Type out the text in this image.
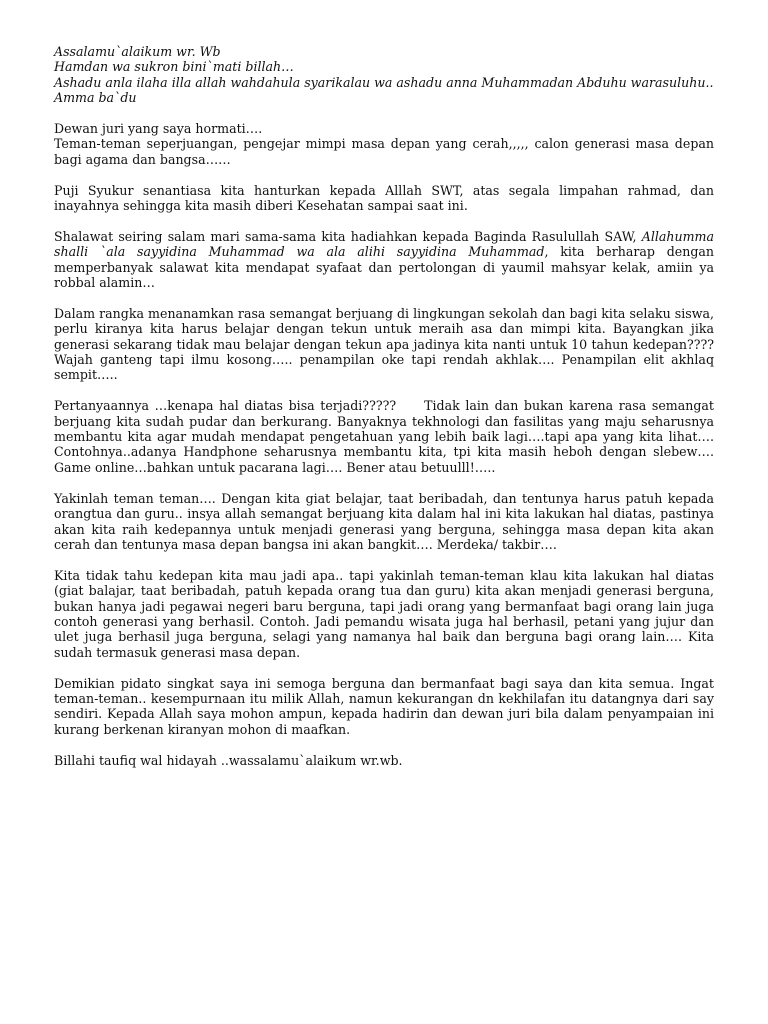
Assalamu`alaikum wr. Wb
Hamdan wa sukron bini`mati billah…
Ashadu anla ilaha illa allah wahdahula syarikalau wa ashadu anna Muhammadan Abduhu warasuluhu..
Amma ba`du

Dewan juri yang saya hormati….
Teman-teman seperjuangan, pengejar mimpi masa depan yang cerah,,,,, calon generasi masa depan bagi agama dan bangsa……

Puji Syukur senantiasa kita hanturkan kepada Alllah SWT, atas segala limpahan rahmad, dan inayahnya sehingga kita masih diberi Kesehatan sampai saat ini.

Shalawat seiring salam mari sama-sama kita hadiahkan kepada Baginda Rasulullah SAW, Allahumma shalli `ala sayyidina Muhammad wa ala alihi sayyidina Muhammad, kita berharap dengan memperbanyak salawat kita mendapat syafaat dan pertolongan di yaumil mahsyar kelak, amiin ya robbal alamin…

Dalam rangka menanamkan rasa semangat berjuang di lingkungan sekolah dan bagi kita selaku siswa, perlu kiranya kita harus belajar dengan tekun untuk meraih asa dan mimpi kita. Bayangkan jika generasi sekarang tidak mau belajar dengan tekun apa jadinya kita nanti untuk 10 tahun kedepan???? Wajah ganteng tapi ilmu kosong….. penampilan oke tapi rendah akhlak…. Penampilan elit akhlaq sempit…..

Pertanyaannya …kenapa hal diatas bisa terjadi?????     Tidak lain dan bukan karena rasa semangat berjuang kita sudah pudar dan berkurang. Banyaknya tekhnologi dan fasilitas yang maju seharusnya membantu kita agar mudah mendapat pengetahuan yang lebih baik lagi….tapi apa yang kita lihat…. Contohnya..adanya Handphone seharusnya membantu kita, tpi kita masih heboh dengan slebew…. Game online…bahkan untuk pacarana lagi…. Bener atau betuulll!…..

Yakinlah teman teman…. Dengan kita giat belajar, taat beribadah, dan tentunya harus patuh kepada orangtua dan guru.. insya allah semangat berjuang kita dalam hal ini kita lakukan hal diatas, pastinya akan kita raih kedepannya untuk menjadi generasi yang berguna, sehingga masa depan kita akan cerah dan tentunya masa depan bangsa ini akan bangkit…. Merdeka/ takbir….

Kita tidak tahu kedepan kita mau jadi apa.. tapi yakinlah teman-teman klau kita lakukan hal diatas (giat balajar, taat beribadah, patuh kepada orang tua dan guru) kita akan menjadi generasi berguna, bukan hanya jadi pegawai negeri baru berguna, tapi jadi orang yang bermanfaat bagi orang lain juga contoh generasi yang berhasil. Contoh. Jadi pemandu wisata juga hal berhasil, petani yang jujur dan ulet juga berhasil juga berguna, selagi yang namanya hal baik dan berguna bagi orang lain…. Kita sudah termasuk generasi masa depan.

Demikian pidato singkat saya ini semoga berguna dan bermanfaat bagi saya dan kita semua. Ingat teman-teman.. kesempurnaan itu milik Allah, namun kekurangan dn kekhilafan itu datangnya dari say sendiri. Kepada Allah saya mohon ampun, kepada hadirin dan dewan juri bila dalam penyampaian ini kurang berkenan kiranyan mohon di maafkan.

Billahi taufiq wal hidayah ..wassalamu`alaikum wr.wb.
